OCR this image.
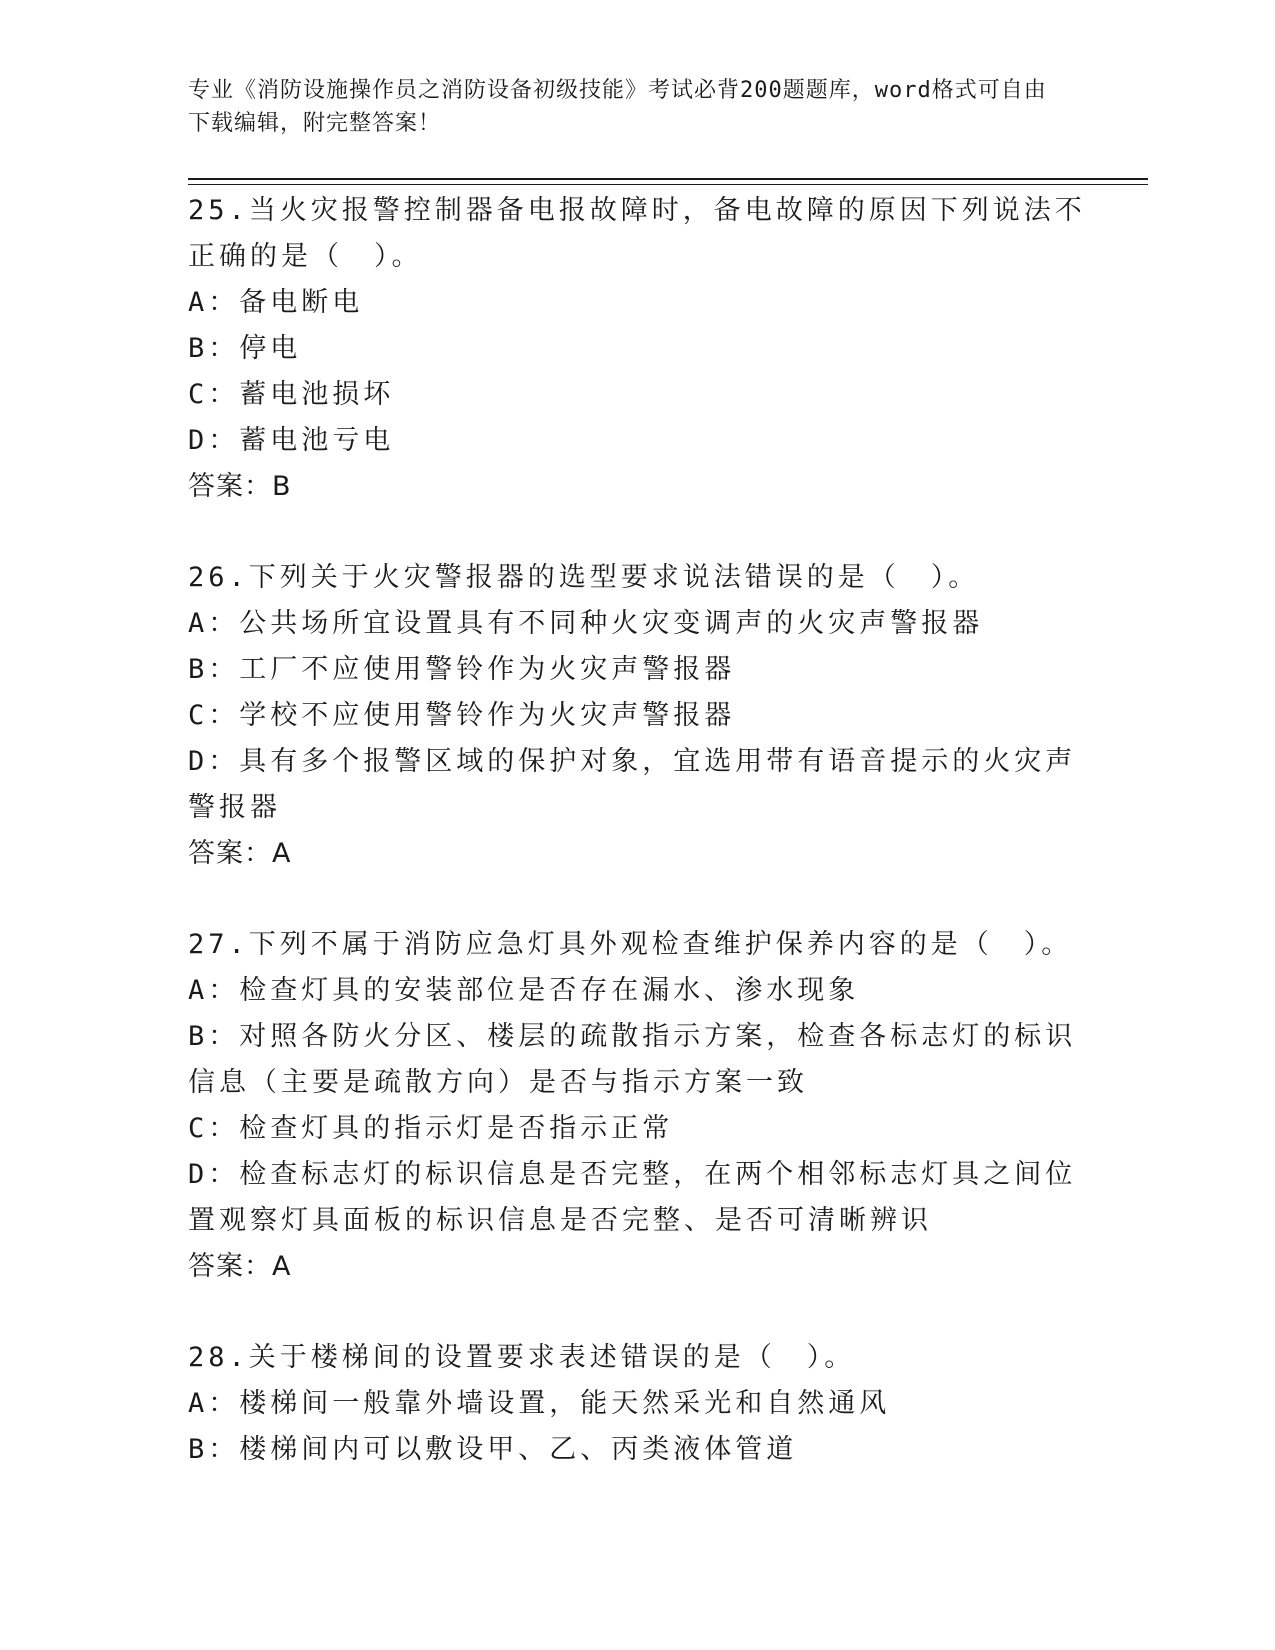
专业《消防设施操作员之消防设备初级技能》考试必背200题题库，word格式可自由下载编辑，附完整答案！
25.当火灾报警控制器备电报故障时，备电故障的原因下列说法不正确的是（　）。
A：备电断电
B：停电
C：蓄电池损坏
D：蓄电池亏电
答案：B
26.下列关于火灾警报器的选型要求说法错误的是（　）。
A：公共场所宜设置具有不同种火灾变调声的火灾声警报器
B：工厂不应使用警铃作为火灾声警报器
C：学校不应使用警铃作为火灾声警报器
D：具有多个报警区域的保护对象，宜选用带有语音提示的火灾声警报器
答案：A
27.下列不属于消防应急灯具外观检查维护保养内容的是（　）。
A：检查灯具的安装部位是否存在漏水、渗水现象
B：对照各防火分区、楼层的疏散指示方案，检查各标志灯的标识信息（主要是疏散方向）是否与指示方案一致
C：检查灯具的指示灯是否指示正常
D：检查标志灯的标识信息是否完整，在两个相邻标志灯具之间位置观察灯具面板的标识信息是否完整、是否可清晰辨识
答案：A
28.关于楼梯间的设置要求表述错误的是（　）。
A：楼梯间一般靠外墙设置，能天然采光和自然通风
B：楼梯间内可以敷设甲、乙、丙类液体管道
